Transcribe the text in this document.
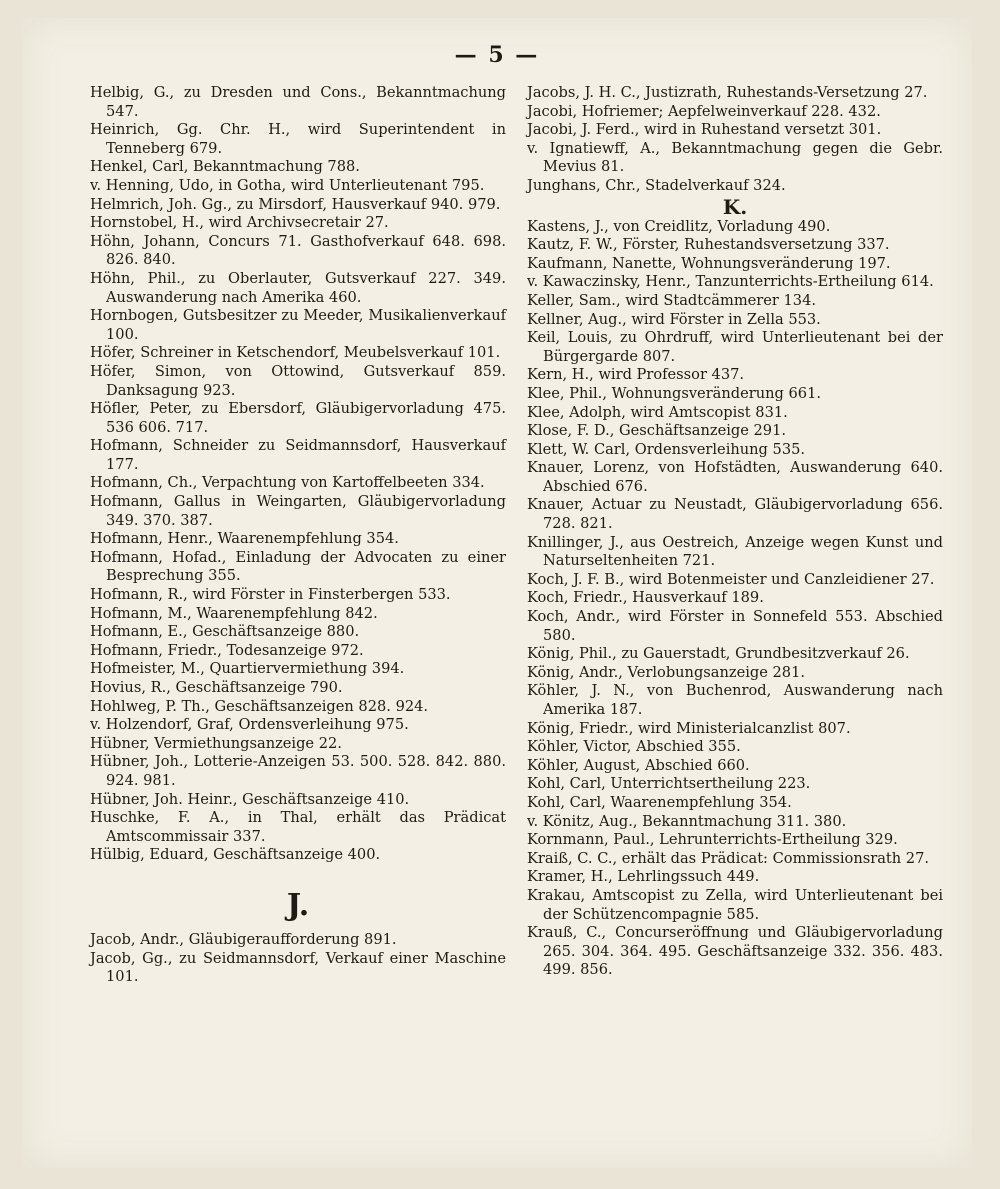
— 5 —

Helbig, G., zu Dresden und Cons., Bekanntmachung 547.

Heinrich, Gg. Chr. H., wird Superintendent in Tenneberg 679.

Henkel, Carl, Bekanntmachung 788.

v. Henning, Udo, in Gotha, wird Unterlieutenant 795.

Helmrich, Joh. Gg., zu Mirsdorf, Hausverkauf 940. 979.

Hornstobel, H., wird Archivsecretair 27.

Höhn, Johann, Concurs 71. Gasthofverkauf 648. 698. 826. 840.

Höhn, Phil., zu Oberlauter, Gutsverkauf 227. 349. Auswanderung nach Amerika 460.

Hornbogen, Gutsbesitzer zu Meeder, Musikalienverkauf 100.

Höfer, Schreiner in Ketschendorf, Meubelsverkauf 101.

Höfer, Simon, von Ottowind, Gutsverkauf 859. Danksagung 923.

Höfler, Peter, zu Ebersdorf, Gläubigervorladung 475. 536 606. 717.

Hofmann, Schneider zu Seidmannsdorf, Hausverkauf 177.

Hofmann, Ch., Verpachtung von Kartoffelbeeten 334.

Hofmann, Gallus in Weingarten, Gläubigervorladung 349. 370. 387.

Hofmann, Henr., Waarenempfehlung 354.

Hofmann, Hofad., Einladung der Advocaten zu einer Besprechung 355.

Hofmann, R., wird Förster in Finsterbergen 533.

Hofmann, M., Waarenempfehlung 842.

Hofmann, E., Geschäftsanzeige 880.

Hofmann, Friedr., Todesanzeige 972.

Hofmeister, M., Quartiervermiethung 394.

Hovius, R., Geschäftsanzeige 790.

Hohlweg, P. Th., Geschäftsanzeigen 828. 924.

v. Holzendorf, Graf, Ordensverleihung 975.

Hübner, Vermiethungsanzeige 22.

Hübner, Joh., Lotterie-Anzeigen 53. 500. 528. 842. 880. 924. 981.

Hübner, Joh. Heinr., Geschäftsanzeige 410.

Huschke, F. A., in Thal, erhält das Prädicat Amtscommissair 337.

Hülbig, Eduard, Geschäftsanzeige 400.

J.

Jacob, Andr., Gläubigeraufforderung 891.

Jacob, Gg., zu Seidmannsdorf, Verkauf einer Maschine 101.

Jacobs, J. H. C., Justizrath, Ruhestands-Versetzung 27.

Jacobi, Hofriemer; Aepfelweinverkauf 228. 432.

Jacobi, J. Ferd., wird in Ruhestand versetzt 301.

v. Ignatiewff, A., Bekanntmachung gegen die Gebr. Mevius 81.

Junghans, Chr., Stadelverkauf 324.

K.

Kastens, J., von Creidlitz, Vorladung 490.

Kautz, F. W., Förster, Ruhestandsversetzung 337.

Kaufmann, Nanette, Wohnungsveränderung 197.

v. Kawaczinsky, Henr., Tanzunterrichts-Ertheilung 614.

Keller, Sam., wird Stadtcämmerer 134.

Kellner, Aug., wird Förster in Zella 553.

Keil, Louis, zu Ohrdruff, wird Unterlieutenant bei der Bürgergarde 807.

Kern, H., wird Professor 437.

Klee, Phil., Wohnungsveränderung 661.

Klee, Adolph, wird Amtscopist 831.

Klose, F. D., Geschäftsanzeige 291.

Klett, W. Carl, Ordensverleihung 535.

Knauer, Lorenz, von Hofstädten, Auswanderung 640. Abschied 676.

Knauer, Actuar zu Neustadt, Gläubigervorladung 656. 728. 821.

Knillinger, J., aus Oestreich, Anzeige wegen Kunst und Naturseltenheiten 721.

Koch, J. F. B., wird Botenmeister und Canzleidiener 27.

Koch, Friedr., Hausverkauf 189.

Koch, Andr., wird Förster in Sonnefeld 553. Abschied 580.

König, Phil., zu Gauerstadt, Grundbesitzverkauf 26.

König, Andr., Verlobungsanzeige 281.

Köhler, J. N., von Buchenrod, Auswanderung nach Amerika 187.

König, Friedr., wird Ministerialcanzlist 807.

Köhler, Victor, Abschied 355.

Köhler, August, Abschied 660.

Kohl, Carl, Unterrichtsertheilung 223.

Kohl, Carl, Waarenempfehlung 354.

v. Könitz, Aug., Bekanntmachung 311. 380.

Kornmann, Paul., Lehrunterrichts-Ertheilung 329.

Kraiß, C. C., erhält das Prädicat: Commissionsrath 27.

Kramer, H., Lehrlingssuch 449.

Krakau, Amtscopist zu Zella, wird Unterlieutenant bei der Schützencompagnie 585.

Krauß, C., Concurseröffnung und Gläubigervorladung 265. 304. 364. 495. Geschäftsanzeige 332. 356. 483. 499. 856.
